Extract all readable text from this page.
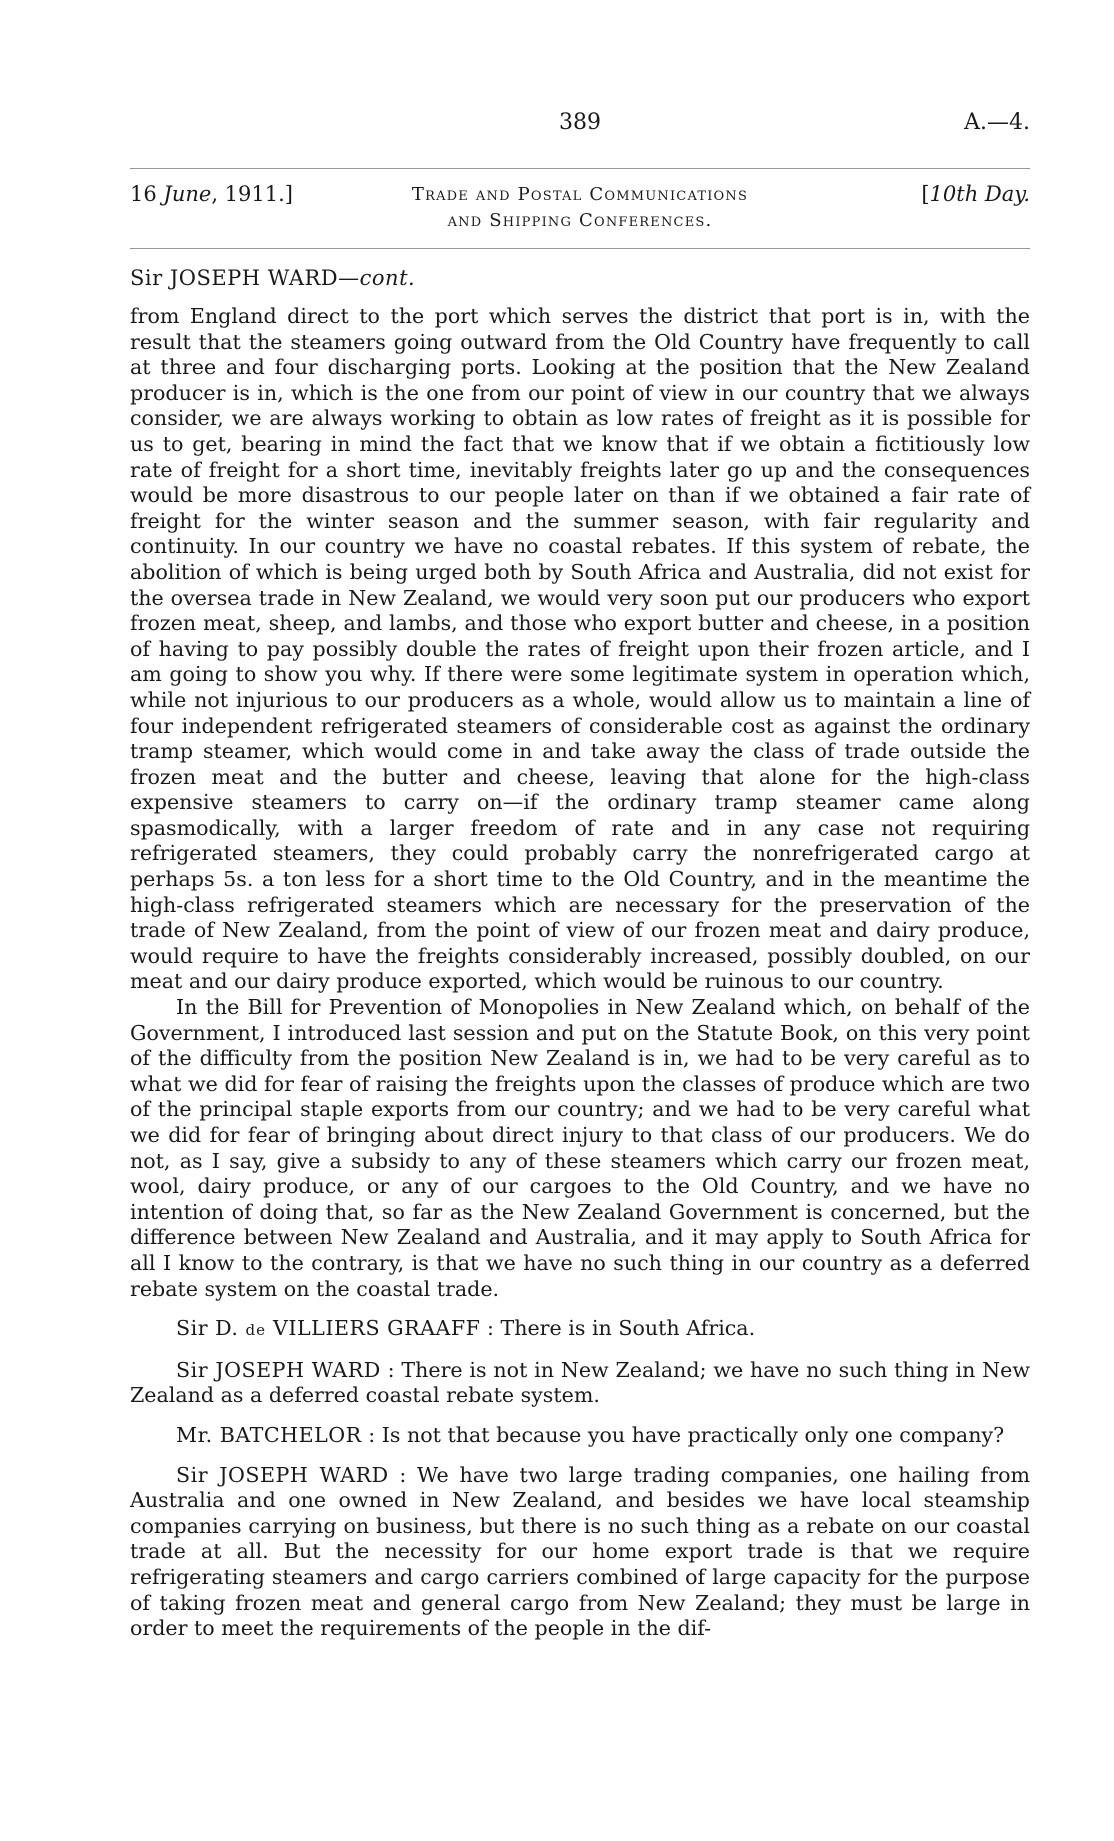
389	A.—4.
16 June, 1911.]	Trade and Postal Communications
and Shipping Conferences.
[10th Day.
Sir JOSEPH WARD—cont.

from England direct to the port which serves the district that port is in, with the result that the steamers going outward from the Old Country have frequently to call at three and four discharging ports. Looking at the position that the New Zealand producer is in, which is the one from our point of view in our country that we always consider, we are always working to obtain as low rates of freight as it is possible for us to get, bearing in mind the fact that we know that if we obtain a fictitiously low rate of freight for a short time, inevitably freights later go up and the consequences would be more disastrous to our people later on than if we obtained a fair rate of freight for the winter season and the summer season, with fair regularity and continuity. In our country we have no coastal rebates. If this system of rebate, the abolition of which is being urged both by South Africa and Australia, did not exist for the oversea trade in New Zealand, we would very soon put our producers who export frozen meat, sheep, and lambs, and those who export butter and cheese, in a position of having to pay possibly double the rates of freight upon their frozen article, and I am going to show you why. If there were some legitimate system in operation which, while not injurious to our producers as a whole, would allow us to maintain a line of four independent refrigerated steamers of considerable cost as against the ordinary tramp steamer, which would come in and take away the class of trade outside the frozen meat and the butter and cheese, leaving that alone for the high-class expensive steamers to carry on—if the ordinary tramp steamer came along spasmodically, with a larger freedom of rate and in any case not requiring refrigerated steamers, they could probably carry the nonrefrigerated cargo at perhaps 5s. a ton less for a short time to the Old Country, and in the meantime the high-class refrigerated steamers which are necessary for the preservation of the trade of New Zealand, from the point of view of our frozen meat and dairy produce, would require to have the freights considerably increased, possibly doubled, on our meat and our dairy produce exported, which would be ruinous to our country.

In the Bill for Prevention of Monopolies in New Zealand which, on behalf of the Government, I introduced last session and put on the Statute Book, on this very point of the difficulty from the position New Zealand is in, we had to be very careful as to what we did for fear of raising the freights upon the classes of produce which are two of the principal staple exports from our country; and we had to be very careful what we did for fear of bringing about direct injury to that class of our producers. We do not, as I say, give a subsidy to any of these steamers which carry our frozen meat, wool, dairy produce, or any of our cargoes to the Old Country, and we have no intention of doing that, so far as the New Zealand Government is concerned, but the difference between New Zealand and Australia, and it may apply to South Africa for all I know to the contrary, is that we have no such thing in our country as a deferred rebate system on the coastal trade.

Sir D. de VILLIERS GRAAFF : There is in South Africa.

Sir JOSEPH WARD : There is not in New Zealand; we have no such thing in New Zealand as a deferred coastal rebate system.

Mr. BATCHELOR : Is not that because you have practically only one company?

Sir JOSEPH WARD : We have two large trading companies, one hailing from Australia and one owned in New Zealand, and besides we have local steamship companies carrying on business, but there is no such thing as a rebate on our coastal trade at all. But the necessity for our home export trade is that we require refrigerating steamers and cargo carriers combined of large capacity for the purpose of taking frozen meat and general cargo from New Zealand; they must be large in order to meet the requirements of the people in the dif-
